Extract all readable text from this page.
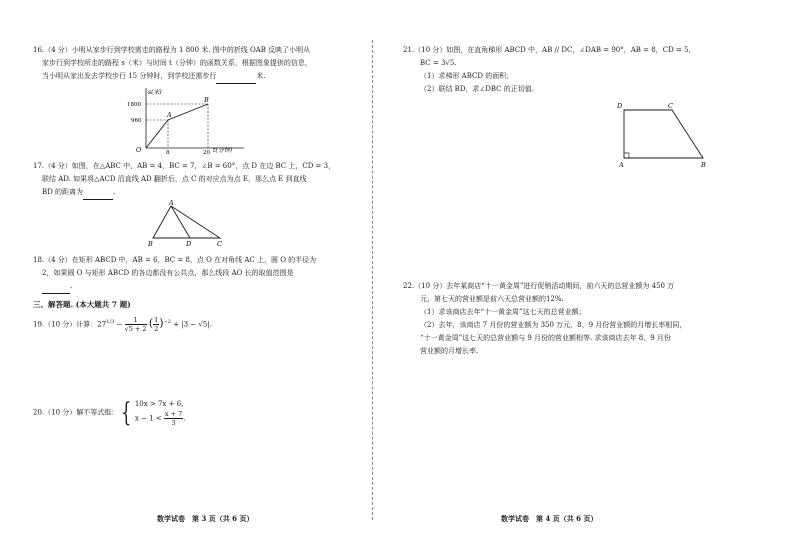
16.（4 分）小明从家步行到学校需走的路程为 1 800 米. 图中的折线 OAB 反映了小明从

家步行到学校所走的路程 s（米）与时间 t（分钟）的函数关系，根据图象提供的信息，

当小明从家出发去学校步行 15 分钟时，到学校还需步行	米.

s(米)
t(分钟)
1800
960
8	20
O
A
B

17.（4 分）如图，在△ABC 中，AB = 4，BC = 7，∠B = 60°，点 D 在边 BC 上，CD = 3，

联结 AD. 如果将△ACD 沿直线 AD 翻折后，点 C 的对应点为点 E，那么点 E 到直线

BD 的距离为	.

A
B	D	C

18.（4 分）在矩形 ABCD 中，AB = 6，BC = 8，点 O 在对角线 AC 上，圆 O 的半径为

2，如果圆 O 与矩形 ABCD 的各边都没有公共点，那么线段 AO 长的取值范围是

.

三、解答题. (本大题共 7 题)

19.（10 分）计算：$27^{1/3} - \frac{1}{√5 + 2}$ ( $\frac{1}{2} )^{-2} + |3 - √5|$.

20.（10 分）解不等式组： { 10x > 7x + 6,
$x - 1 < \frac{x + 7}{3}$ .

数学试卷　第 3 页（共 6 页）

21.（10 分）如图，在直角梯形 ABCD 中，AB // DC，∠DAB = 90°，AB = 8，CD = 5，

BC = 3√5.

（1）求梯形 ABCD 的面积；

（2）联结 BD，求∠DBC 的正切值.

D	C
A	B

22.（10 分）去年某商店“十一黄金周”进行促销活动期间，前六天的总营业额为 450 万

元，第七天的营业额是前六天总营业额的12%.

（1）求该商店去年“十一黄金周”这七天的总营业额；

（2）去年，该商店 7 月份的营业额为 350 万元，8、9 月份营业额的月增长率相同，

“十一黄金周”这七天的总营业额与 9 月份的营业额相等. 求该商店去年 8、9 月份

营业额的月增长率.

数学试卷　第 4 页（共 6 页）
